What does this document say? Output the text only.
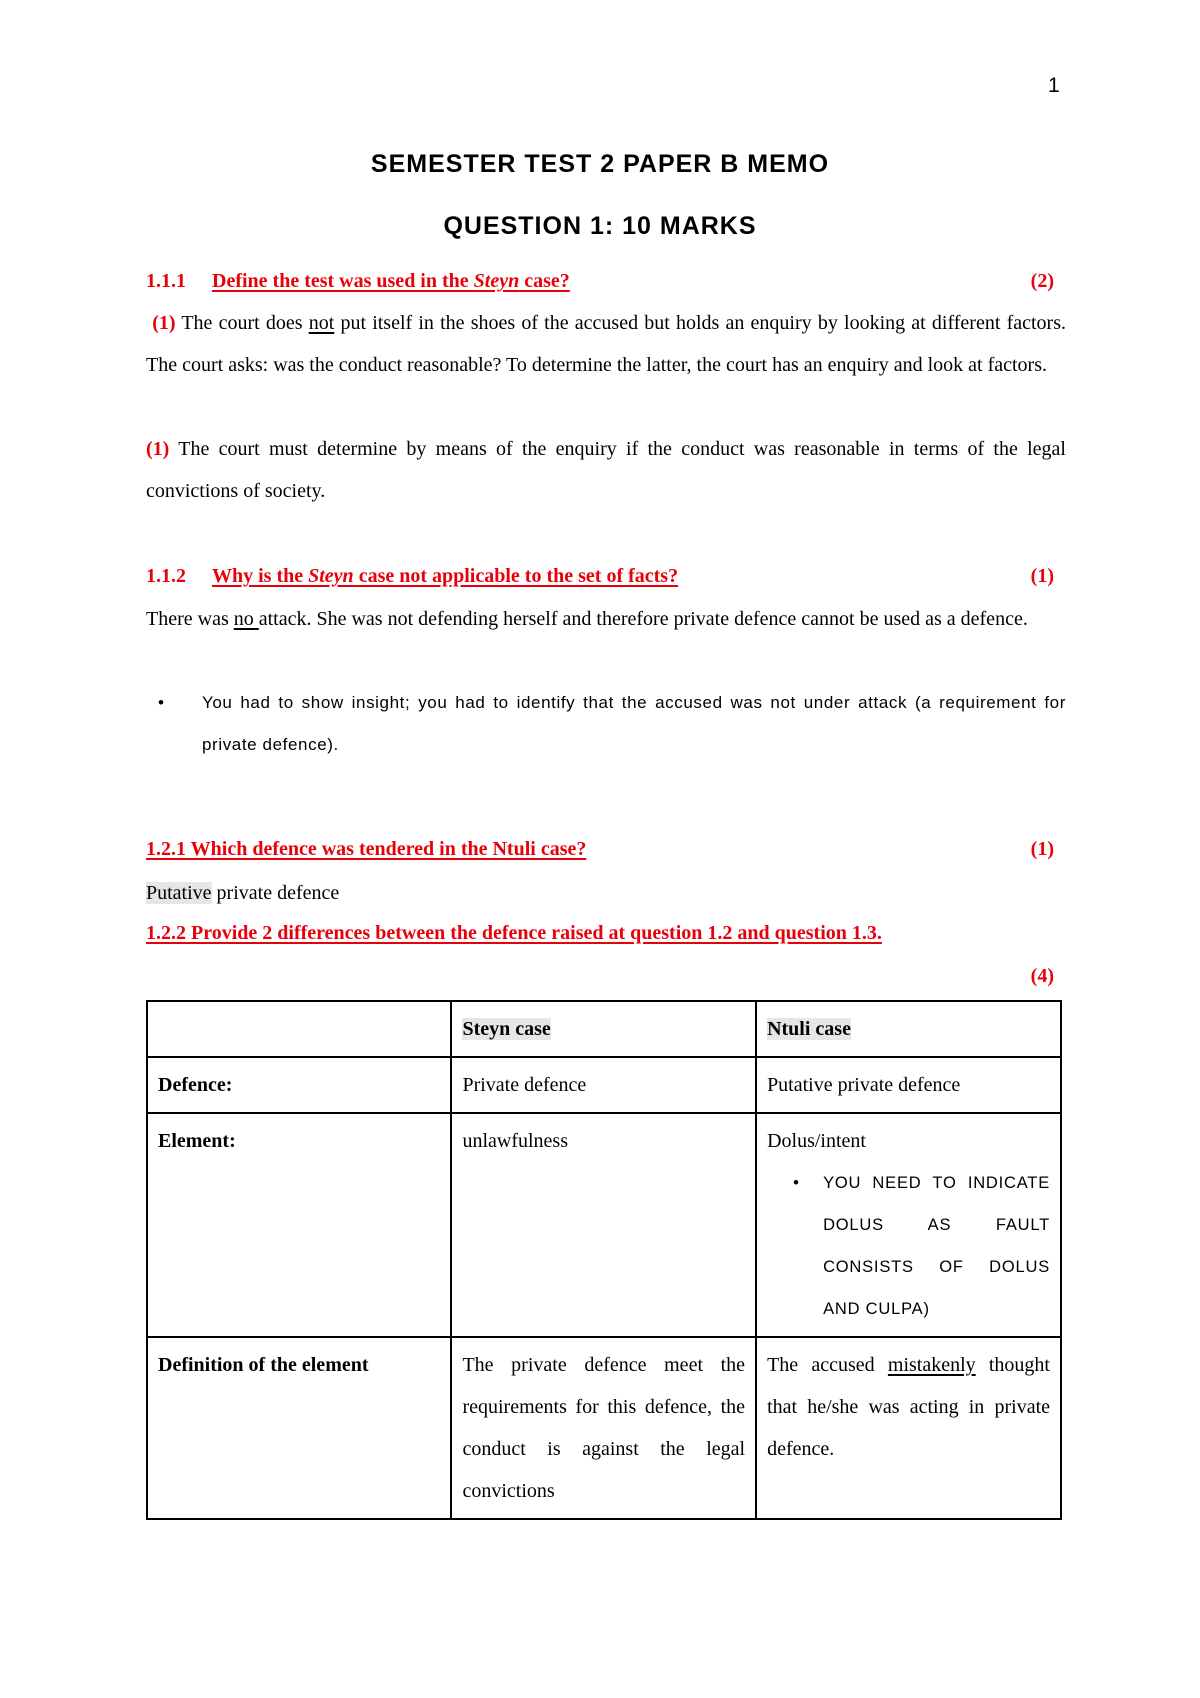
1
SEMESTER TEST 2 PAPER B MEMO
QUESTION 1: 10 MARKS
1.1.1 Define the test was used in the Steyn case?	(2)
(1) The court does not put itself in the shoes of the accused but holds an enquiry by looking at different factors. The court asks: was the conduct reasonable? To determine the latter, the court has an enquiry and look at factors.
(1) The court must determine by means of the enquiry if the conduct was reasonable in terms of the legal convictions of society.
1.1.2 Why is the Steyn case not applicable to the set of facts?	(1)
There was no attack. She was not defending herself and therefore private defence cannot be used as a defence.
• You had to show insight; you had to identify that the accused was not under attack (a requirement for private defence).
1.2.1 Which defence was tendered in the Ntuli case?	(1)
Putative private defence
1.2.2 Provide 2 differences between the defence raised at question 1.2 and question 1.3.
(4)
	Steyn case	Ntuli case
Defence:	Private defence	Putative private defence
Element:	unlawfulness	Dolus/intent
• YOU NEED TO INDICATE DOLUS AS FAULT CONSISTS OF DOLUS AND CULPA)

Definition of the element	The private defence meet the requirements for this defence, the conduct is against the legal convictions	The accused mistakenly thought that he/she was acting in private defence.
